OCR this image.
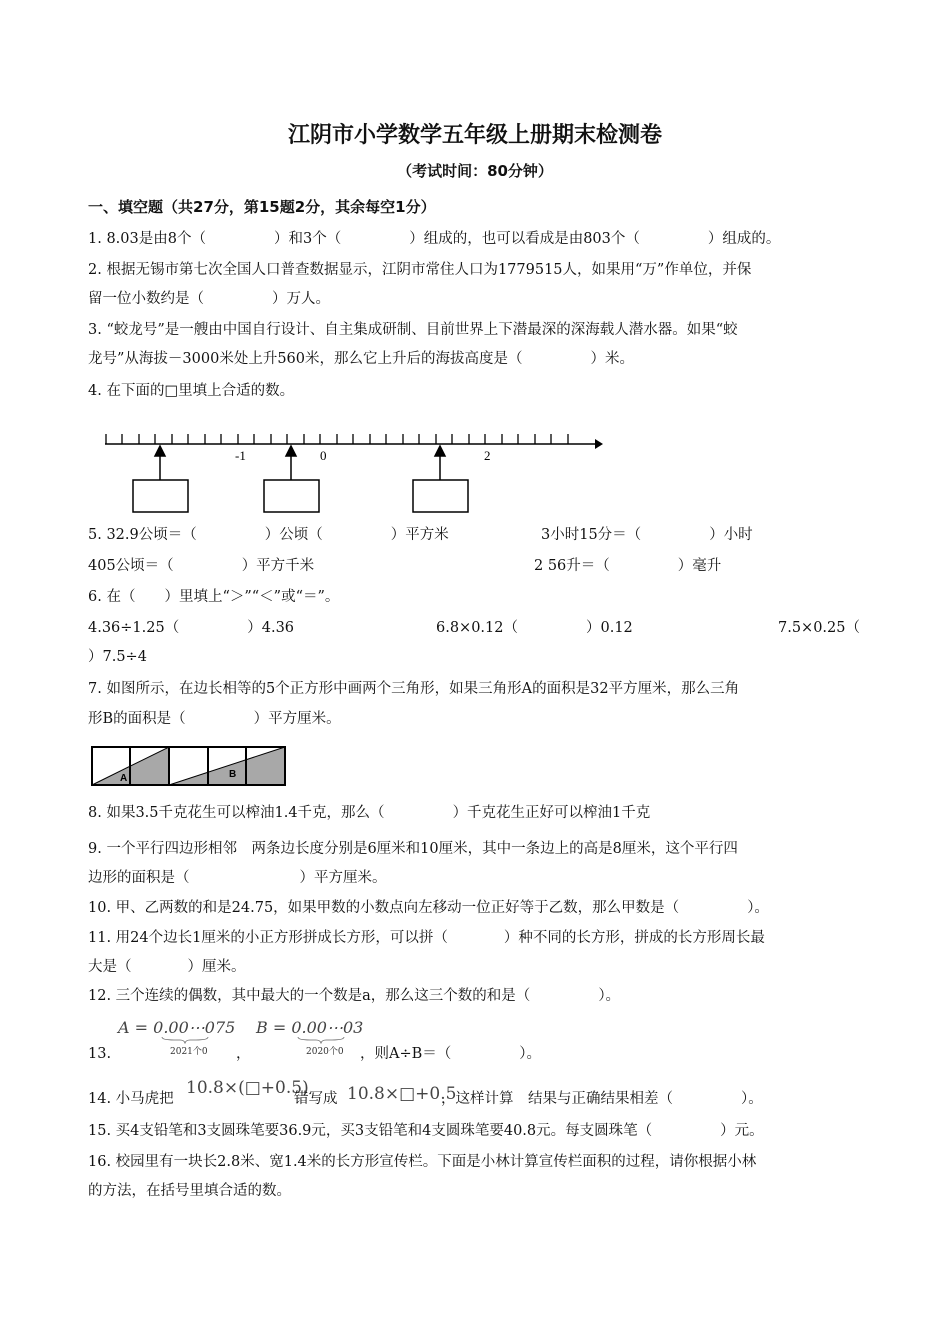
江阴市小学数学五年级上册期末检测卷
（考试时间：80分钟）
一、填空题（共27分，第15题2分，其余每空1分）
1. 8.03是由8个（	）和3个（	）组成的，也可以看成是由803个（	）组成的。
2. 根据无锡市第七次全国人口普查数据显示，江阴市常住人口为1779515人，如果用“万”作单位，并保
留一位小数约是（	）万人。
3. “蛟龙号”是一艘由中国自行设计、自主集成研制、目前世界上下潜最深的深海载人潜水器。如果“蛟
龙号”从海拔－3000米处上升560米，那么它上升后的海拔高度是（	）米。
4. 在下面的□里填上合适的数。
-1	0	2
5. 32.9公顷＝（	）公顷（	）平方米	3小时15分＝（	）小时
405公顷＝（	）平方千米	2 56升＝（	）毫升
6. 在（　　）里填上“＞”“＜”或“＝”。
4.36÷1.25（	）4.36	6.8×0.12（	）0.12	7.5×0.25（
）7.5÷4
7. 如图所示，在边长相等的5个正方形中画两个三角形，如果三角形A的面积是32平方厘米，那么三角
形B的面积是（	）平方厘米。
A	B
8. 如果3.5千克花生可以榨油1.4千克，那么（	）千克花生正好可以榨油1千克
9. 一个平行四边形相邻　两条边长度分别是6厘米和10厘米，其中一条边上的高是8厘米，这个平行四
边形的面积是（	）平方厘米。
10. 甲、乙两数的和是24.75，如果甲数的小数点向左移动一位正好等于乙数，那么甲数是（	）。
11. 用24个边长1厘米的小正方形拼成长方形，可以拼（	）种不同的长方形，拼成的长方形周长最
大是（	）厘米。
12. 三个连续的偶数，其中最大的一个数是a，那么这三个数的和是（	）。
A = 0.00⋯075 B = 0.00⋯03
2021个0	2020个0
13.	，	，则A÷B＝（	）。
14. 小马虎把
10.8×(□+0.5)
错写成 10.8×□+0.5
，这样计算　结果与正确结果相差（	）。
15. 买4支铅笔和3支圆珠笔要36.9元，买3支铅笔和4支圆珠笔要40.8元。每支圆珠笔（	）元。
16. 校园里有一块长2.8米、宽1.4米的长方形宣传栏。下面是小林计算宣传栏面积的过程，请你根据小林
的方法，在括号里填合适的数。
